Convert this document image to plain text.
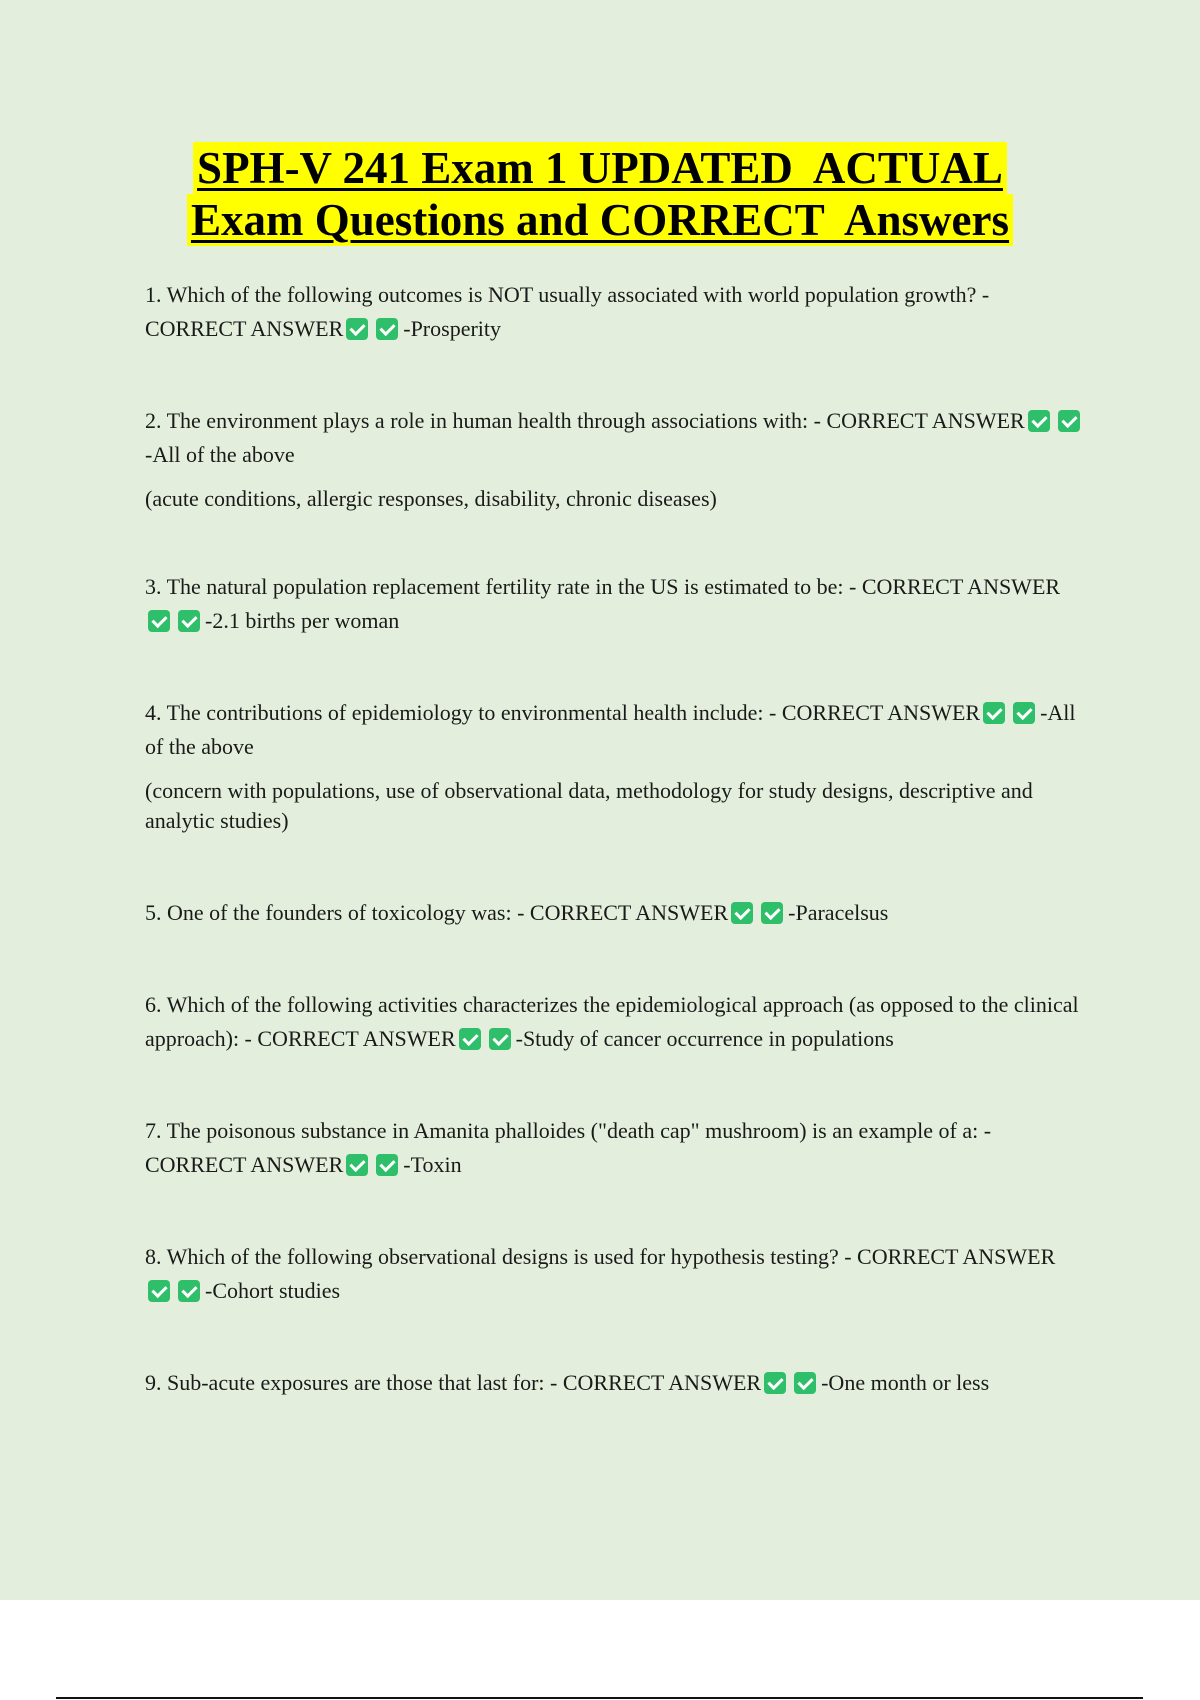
SPH-V 241 Exam 1 UPDATED  ACTUAL
Exam Questions and CORRECT  Answers
1. Which of the following outcomes is NOT usually associated with world population growth? - CORRECT ANSWER	-Prosperity
2. The environment plays a role in human health through associations with: - CORRECT ANSWER-All of the above
(acute conditions, allergic responses, disability, chronic diseases)
3. The natural population replacement fertility rate in the US is estimated to be: - CORRECT ANSWER-2.1 births per woman
4. The contributions of epidemiology to environmental health include: - CORRECT ANSWER	-All of the above
(concern with populations, use of observational data, methodology for study designs, descriptive and analytic studies)
5. One of the founders of toxicology was: - CORRECT ANSWER	-Paracelsus
6. Which of the following activities characterizes the epidemiological approach (as opposed to the clinical approach): - CORRECT ANSWER	-Study of cancer occurrence in populations
7. The poisonous substance in Amanita phalloides ("death cap" mushroom) is an example of a: - CORRECT ANSWER	-Toxin
8. Which of the following observational designs is used for hypothesis testing? - CORRECT ANSWER-Cohort studies
9. Sub-acute exposures are those that last for: - CORRECT ANSWER	-One month or less
